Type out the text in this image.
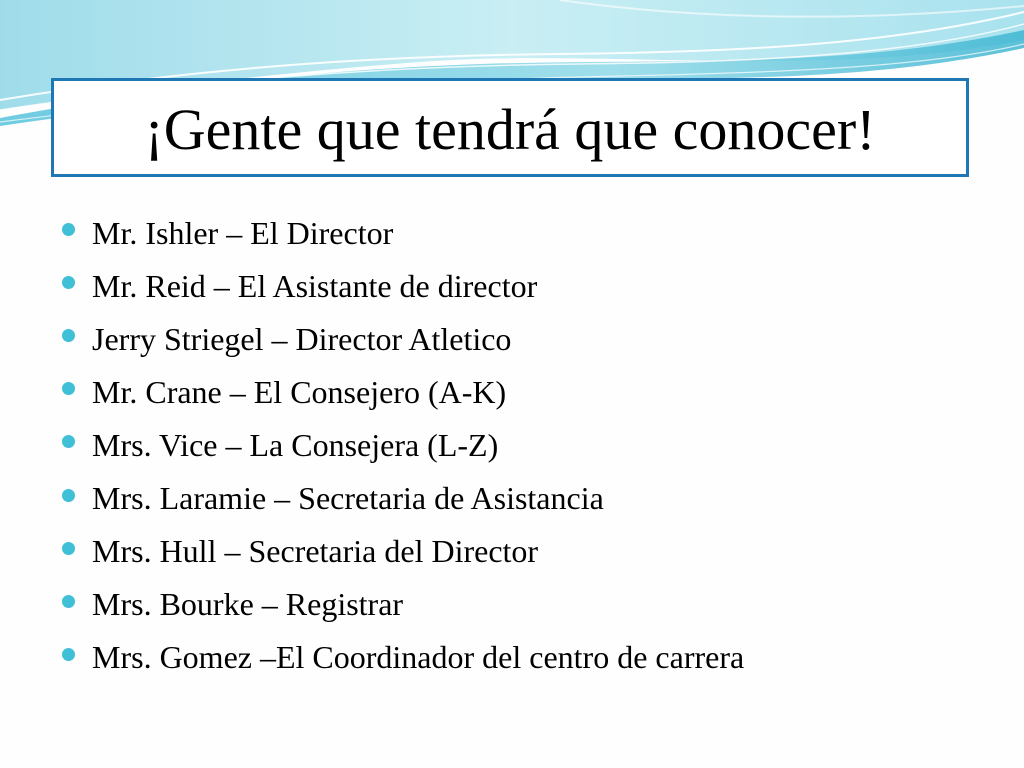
¡Gente que tendrá que conocer!
Mr. Ishler – El Director
Mr. Reid – El Asistante de director
Jerry Striegel – Director Atletico
Mr. Crane – El Consejero (A-K)
Mrs. Vice – La Consejera (L-Z)
Mrs. Laramie – Secretaria de Asistancia
Mrs. Hull – Secretaria del Director
Mrs. Bourke – Registrar
Mrs. Gomez –El Coordinador del centro de carrera
